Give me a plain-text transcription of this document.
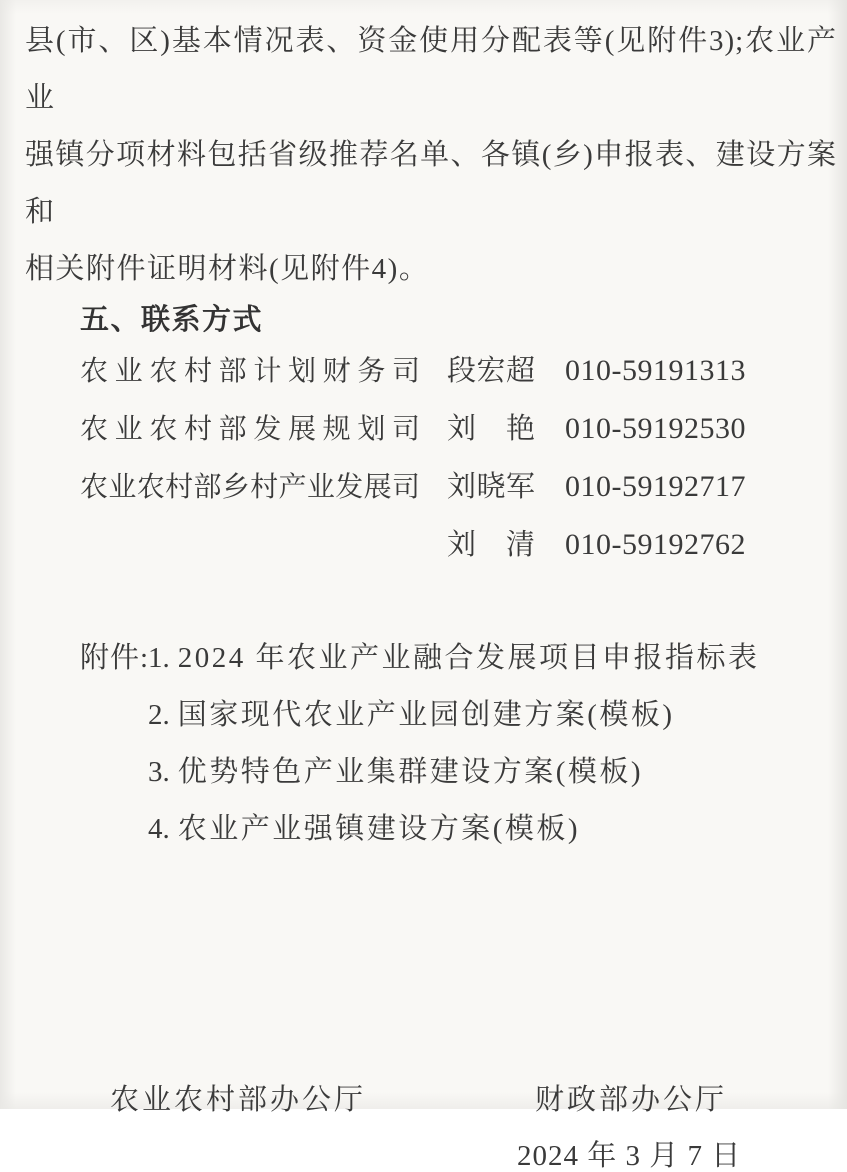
县(市、区)基本情况表、资金使用分配表等(见附件3);农业产业
强镇分项材料包括省级推荐名单、各镇(乡)申报表、建设方案和
相关附件证明材料(见附件4)。
五、联系方式
农业农村部计划财务司 段宏超 010-59191313
农业农村部发展规划司 刘　艳 010-59192530
农业农村部乡村产业发展司 刘晓军 010-59192717
刘　清 010-59192762
附件:1. 2024 年农业产业融合发展项目申报指标表
2. 国家现代农业产业园创建方案(模板)
3. 优势特色产业集群建设方案(模板)
4. 农业产业强镇建设方案(模板)
农业农村部办公厅	财政部办公厅
2024 年 3 月 7 日
